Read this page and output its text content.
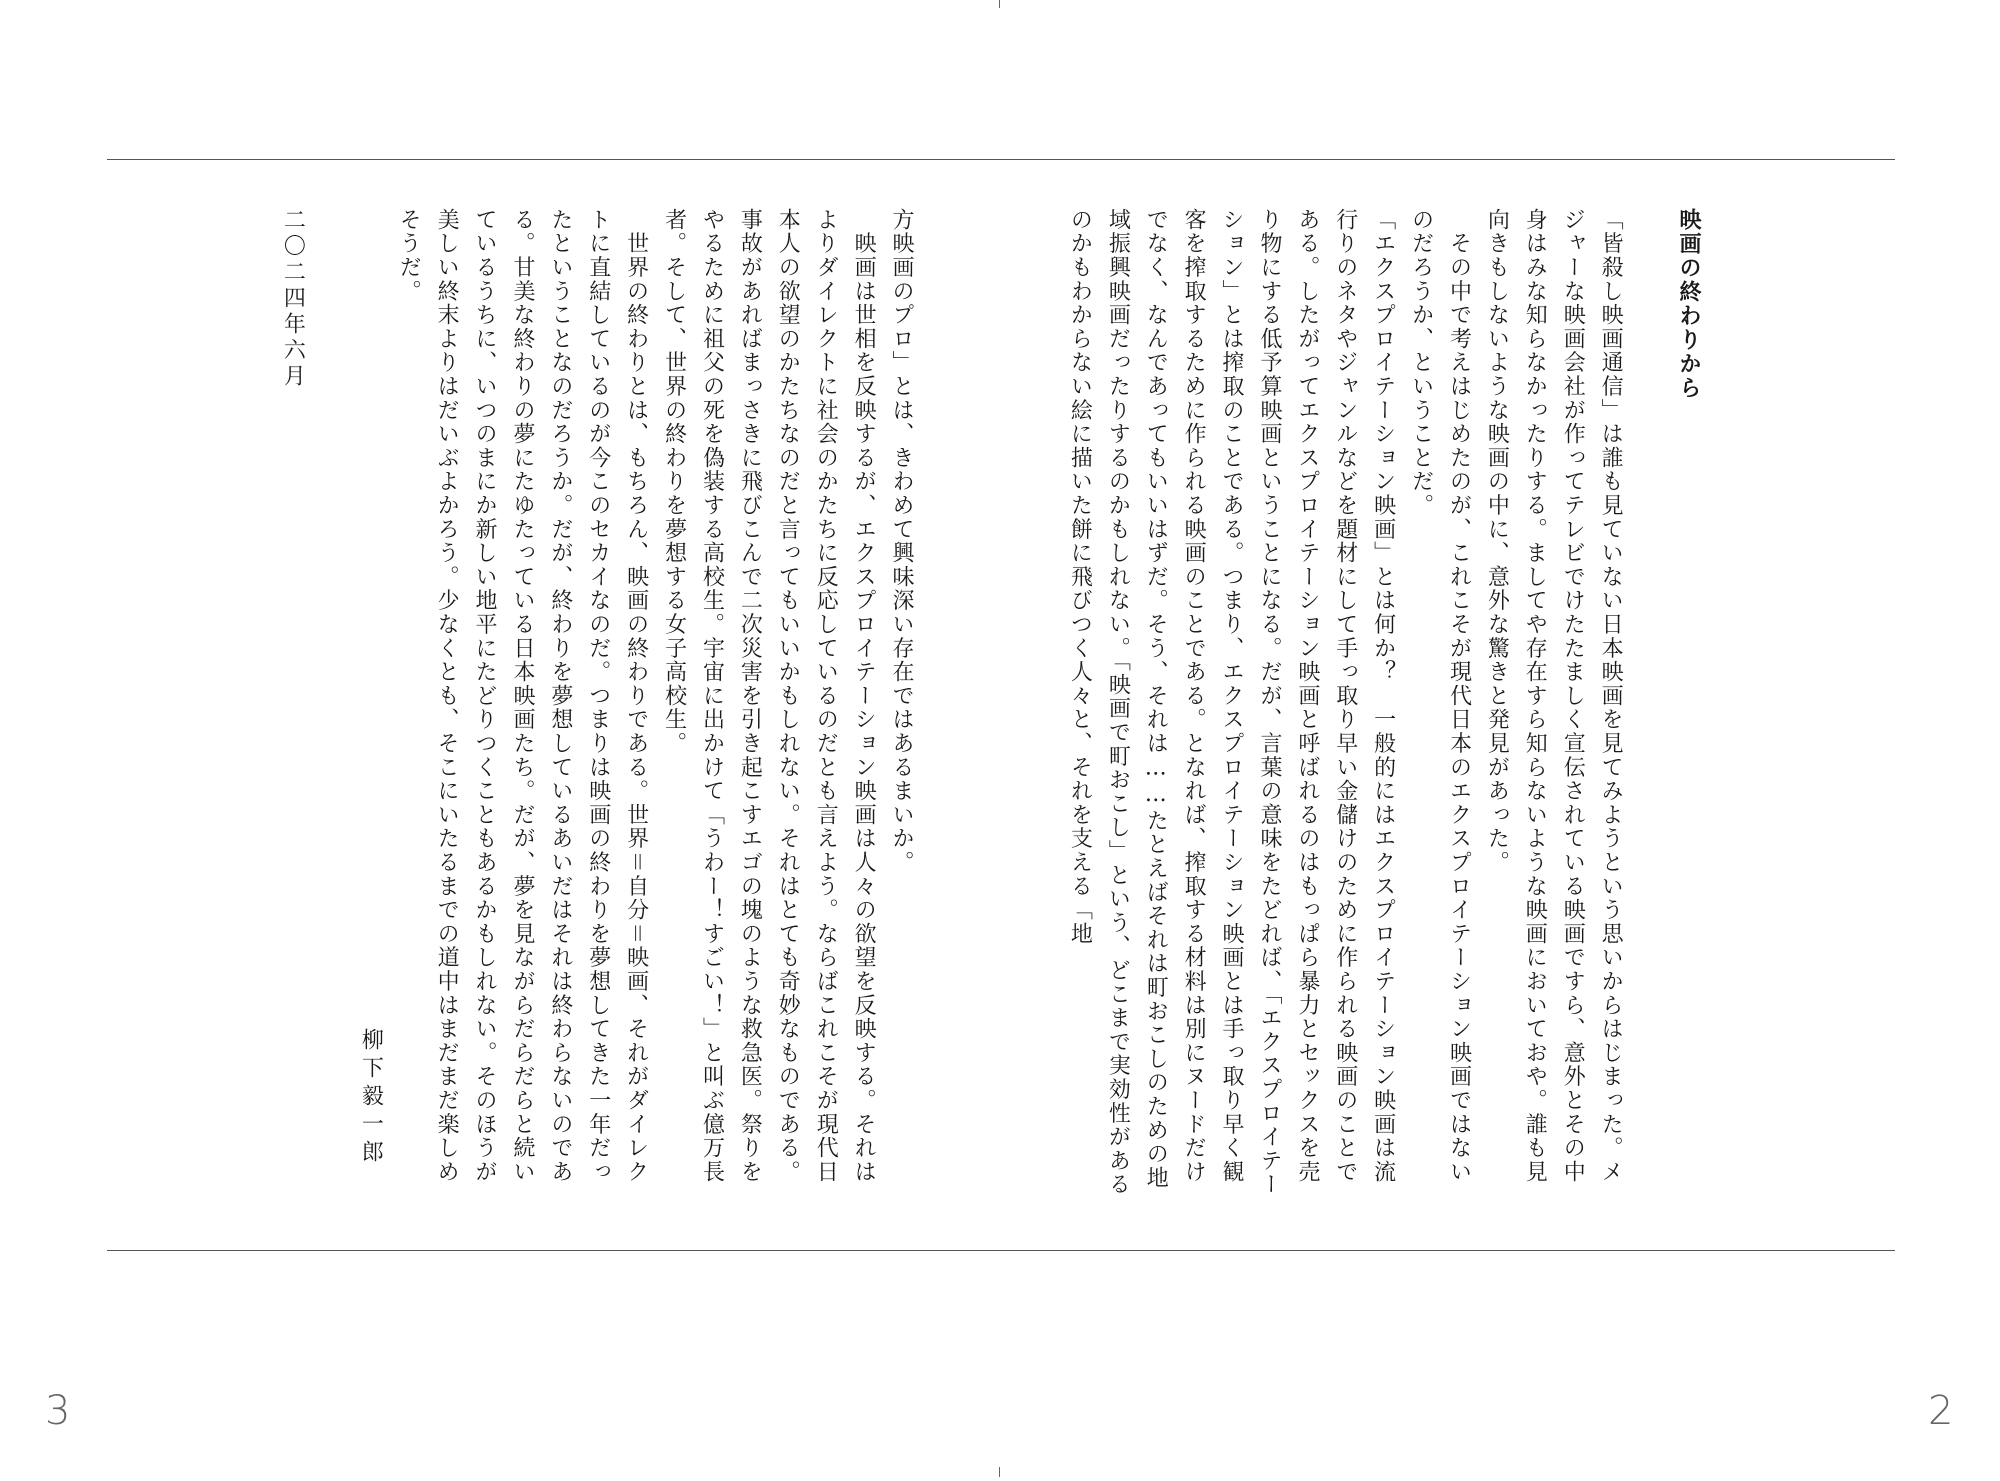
映画の終わりから

「皆殺し映画通信」は誰も見ていない日本映画を見てみようという思いからはじまった。メジャーな映画会社が作ってテレビでけたたましく宣伝されている映画ですら、意外とその中身はみな知らなかったりする。ましてや存在すら知らないような映画においておや。誰も見向きもしないような映画の中に、意外な驚きと発見があった。

　その中で考えはじめたのが、これこそが現代日本のエクスプロイテーション映画ではないのだろうか、ということだ。

「エクスプロイテーション映画」とは何か？　一般的にはエクスプロイテーション映画は流行りのネタやジャンルなどを題材にして手っ取り早い金儲けのために作られる映画のことである。したがってエクスプロイテーション映画と呼ばれるのはもっぱら暴力とセックスを売り物にする低予算映画ということになる。だが、言葉の意味をたどれば、「エクスプロイテーション」とは搾取のことである。つまり、エクスプロイテーション映画とは手っ取り早く観客を搾取するために作られる映画のことである。となれば、搾取する材料は別にヌードだけでなく、なんであってもいいはずだ。そう、それは……たとえばそれは町おこしのための地域振興映画だったりするのかもしれない。「映画で町おこし」という、どこまで実効性があるのかもわからない絵に描いた餅に飛びつく人々と、それを支える「地

方映画のプロ」とは、きわめて興味深い存在ではあるまいか。

　映画は世相を反映するが、エクスプロイテーション映画は人々の欲望を反映する。それはよりダイレクトに社会のかたちに反応しているのだとも言えよう。ならばこれこそが現代日本人の欲望のかたちなのだと言ってもいいかもしれない。それはとても奇妙なものである。事故があればまっさきに飛びこんで二次災害を引き起こすエゴの塊のような救急医。祭りをやるために祖父の死を偽装する高校生。宇宙に出かけて「うわー！すごい！」と叫ぶ億万長者。そして、世界の終わりを夢想する女子高校生。

　世界の終わりとは、もちろん、映画の終わりである。世界＝自分＝映画、それがダイレクトに直結しているのが今このセカイなのだ。つまりは映画の終わりを夢想してきた一年だったということなのだろうか。だが、終わりを夢想しているあいだはそれは終わらないのである。甘美な終わりの夢にたゆたっている日本映画たち。だが、夢を見ながらだらだらと続いているうちに、いつのまにか新しい地平にたどりつくこともあるかもしれない。そのほうが美しい終末よりはだいぶよかろう。少なくとも、そこにいたるまでの道中はまだまだ楽しめそうだ。

柳下毅一郎

二〇二四年六月

3	2
